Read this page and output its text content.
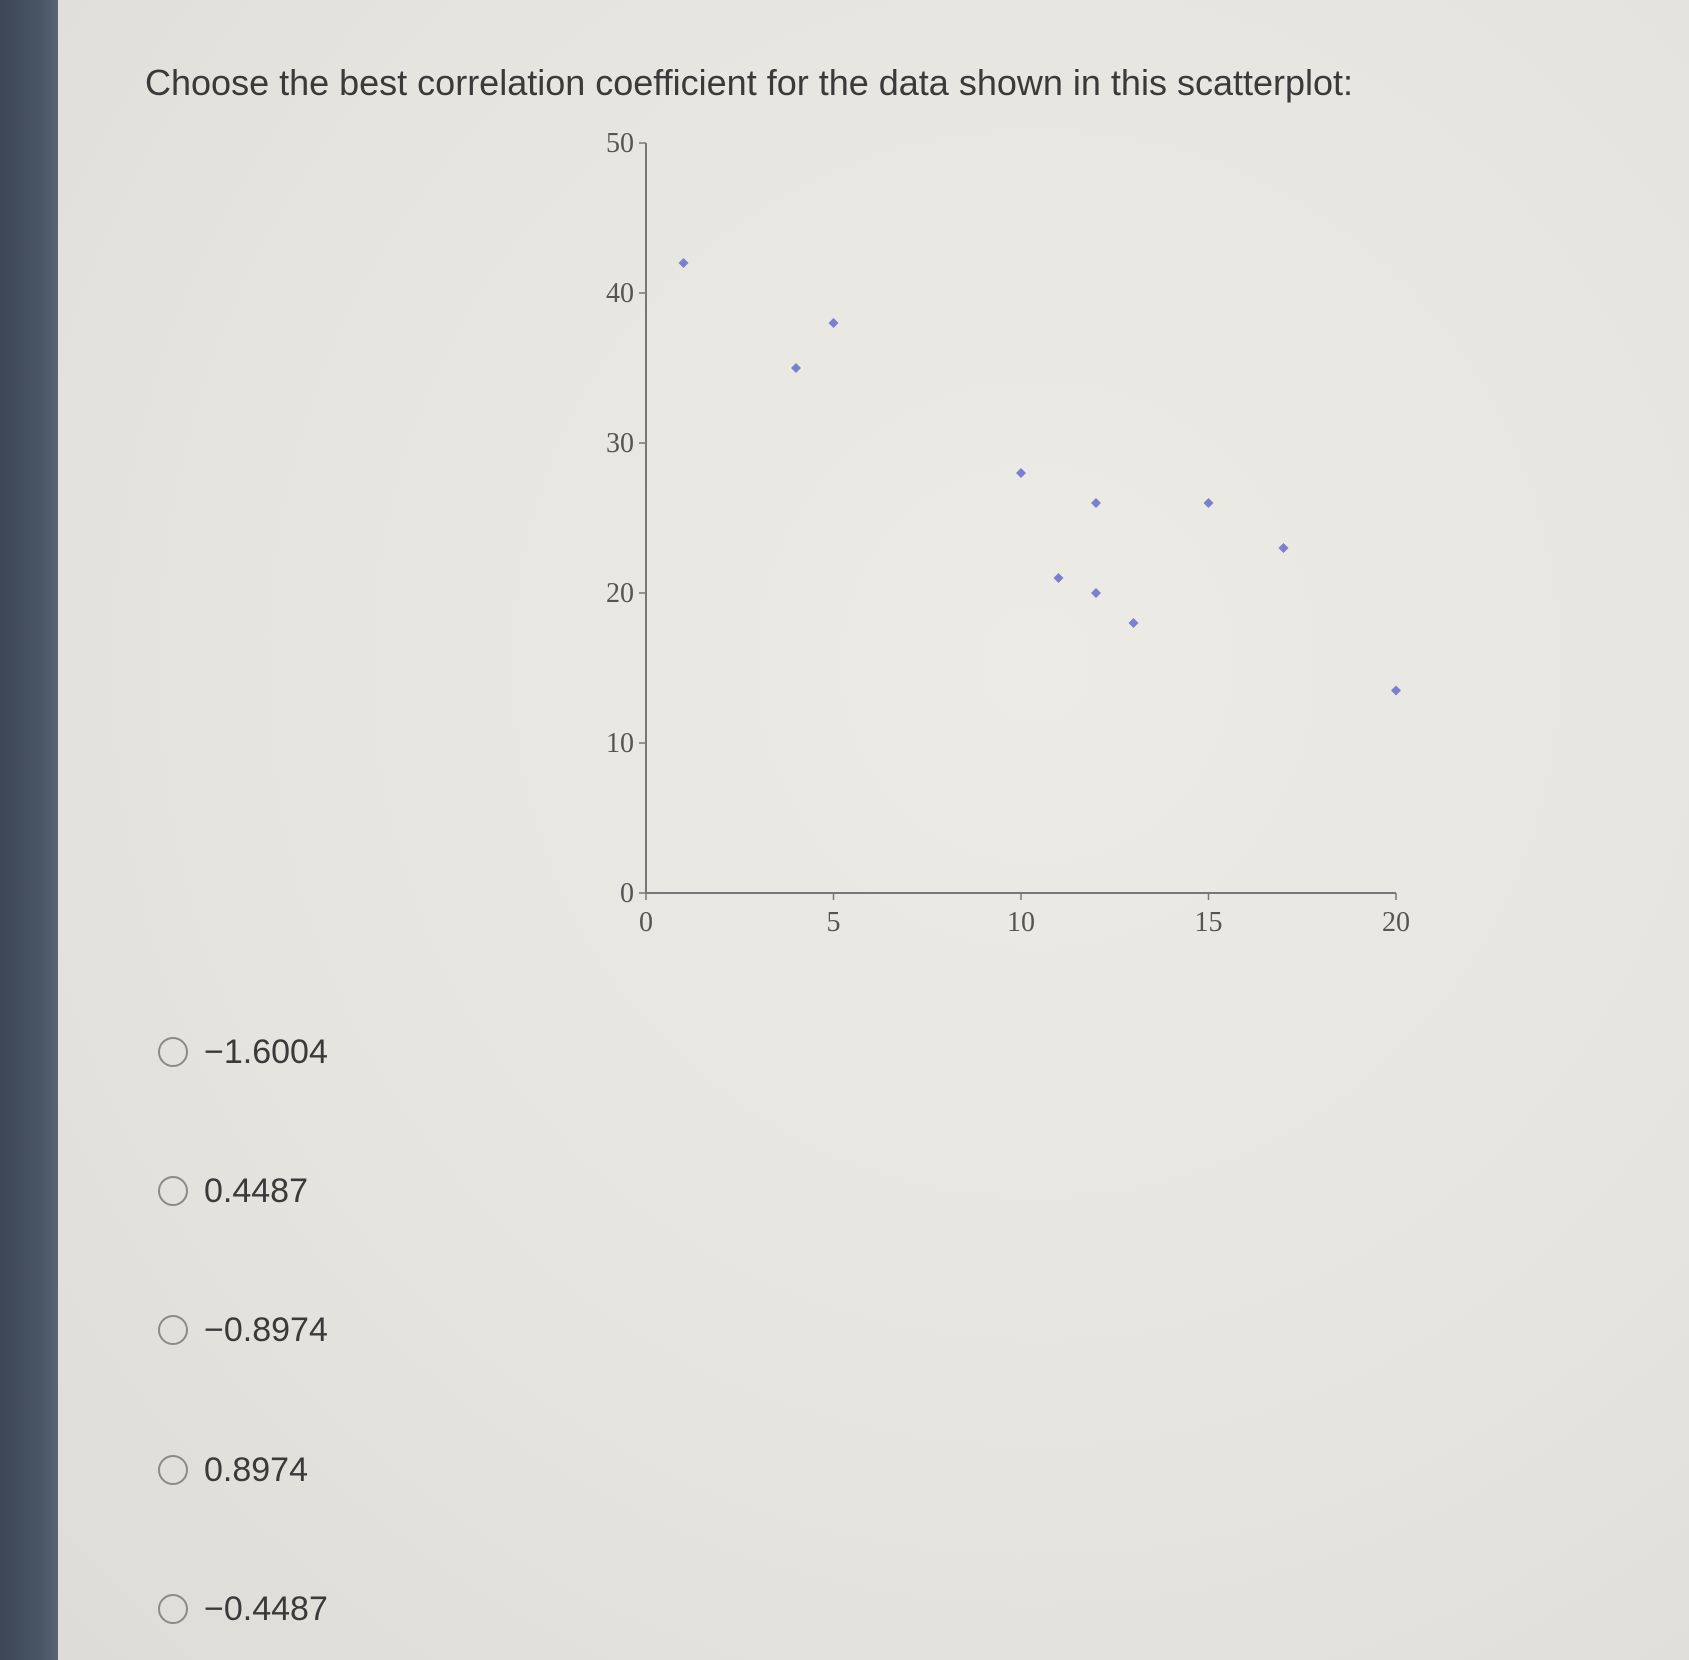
Choose the best correlation coefficient for the data shown in this scatterplot:
0
10
20
30
40
50
0	5	10	15	20
−1.6004
0.4487
−0.8974
0.8974
−0.4487
